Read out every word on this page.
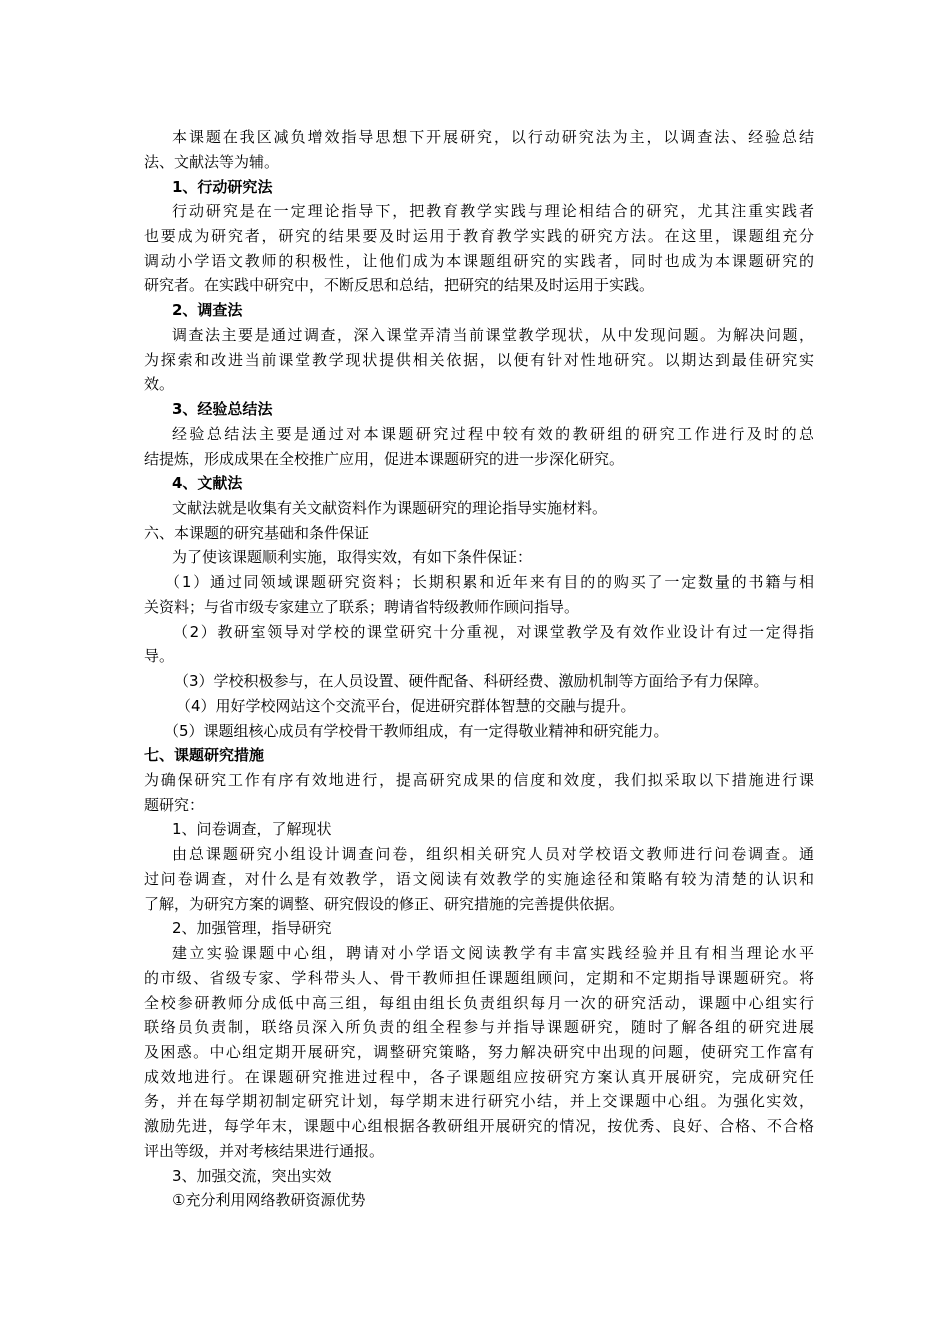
本课题在我区减负增效指导思想下开展研究，以行动研究法为主，以调查法、经验总结
法、文献法等为辅。
1、行动研究法
行动研究是在一定理论指导下，把教育教学实践与理论相结合的研究，尤其注重实践者
也要成为研究者，研究的结果要及时运用于教育教学实践的研究方法。在这里，课题组充分
调动小学语文教师的积极性，让他们成为本课题组研究的实践者，同时也成为本课题研究的
研究者。在实践中研究中，不断反思和总结，把研究的结果及时运用于实践。
2、调查法
调查法主要是通过调查，深入课堂弄清当前课堂教学现状，从中发现问题。为解决问题，
为探索和改进当前课堂教学现状提供相关依据，以便有针对性地研究。以期达到最佳研究实
效。
3、经验总结法
经验总结法主要是通过对本课题研究过程中较有效的教研组的研究工作进行及时的总
结提炼，形成成果在全校推广应用，促进本课题研究的进一步深化研究。
4、文献法
文献法就是收集有关文献资料作为课题研究的理论指导实施材料。
六、本课题的研究基础和条件保证
为了使该课题顺利实施，取得实效，有如下条件保证：
（1）通过同领域课题研究资料；长期积累和近年来有目的的购买了一定数量的书籍与相
关资料；与省市级专家建立了联系；聘请省特级教师作顾问指导。
（2）教研室领导对学校的课堂研究十分重视，对课堂教学及有效作业设计有过一定得指
导。
（3）学校积极参与，在人员设置、硬件配备、科研经费、激励机制等方面给予有力保障。
（4）用好学校网站这个交流平台，促进研究群体智慧的交融与提升。
（5）课题组核心成员有学校骨干教师组成，有一定得敬业精神和研究能力。
七、课题研究措施
为确保研究工作有序有效地进行，提高研究成果的信度和效度，我们拟采取以下措施进行课
题研究：
1、问卷调查，了解现状
由总课题研究小组设计调查问卷，组织相关研究人员对学校语文教师进行问卷调查。通
过问卷调查，对什么是有效教学，语文阅读有效教学的实施途径和策略有较为清楚的认识和
了解，为研究方案的调整、研究假设的修正、研究措施的完善提供依据。
2、加强管理，指导研究
建立实验课题中心组，聘请对小学语文阅读教学有丰富实践经验并且有相当理论水平
的市级、省级专家、学科带头人、骨干教师担任课题组顾问，定期和不定期指导课题研究。将
全校参研教师分成低中高三组，每组由组长负责组织每月一次的研究活动，课题中心组实行
联络员负责制，联络员深入所负责的组全程参与并指导课题研究，随时了解各组的研究进展
及困惑。中心组定期开展研究，调整研究策略，努力解决研究中出现的问题，使研究工作富有
成效地进行。在课题研究推进过程中，各子课题组应按研究方案认真开展研究，完成研究任
务，并在每学期初制定研究计划，每学期末进行研究小结，并上交课题中心组。为强化实效，
激励先进，每学年末，课题中心组根据各教研组开展研究的情况，按优秀、良好、合格、不合格
评出等级，并对考核结果进行通报。
3、加强交流，突出实效
①充分利用网络教研资源优势
